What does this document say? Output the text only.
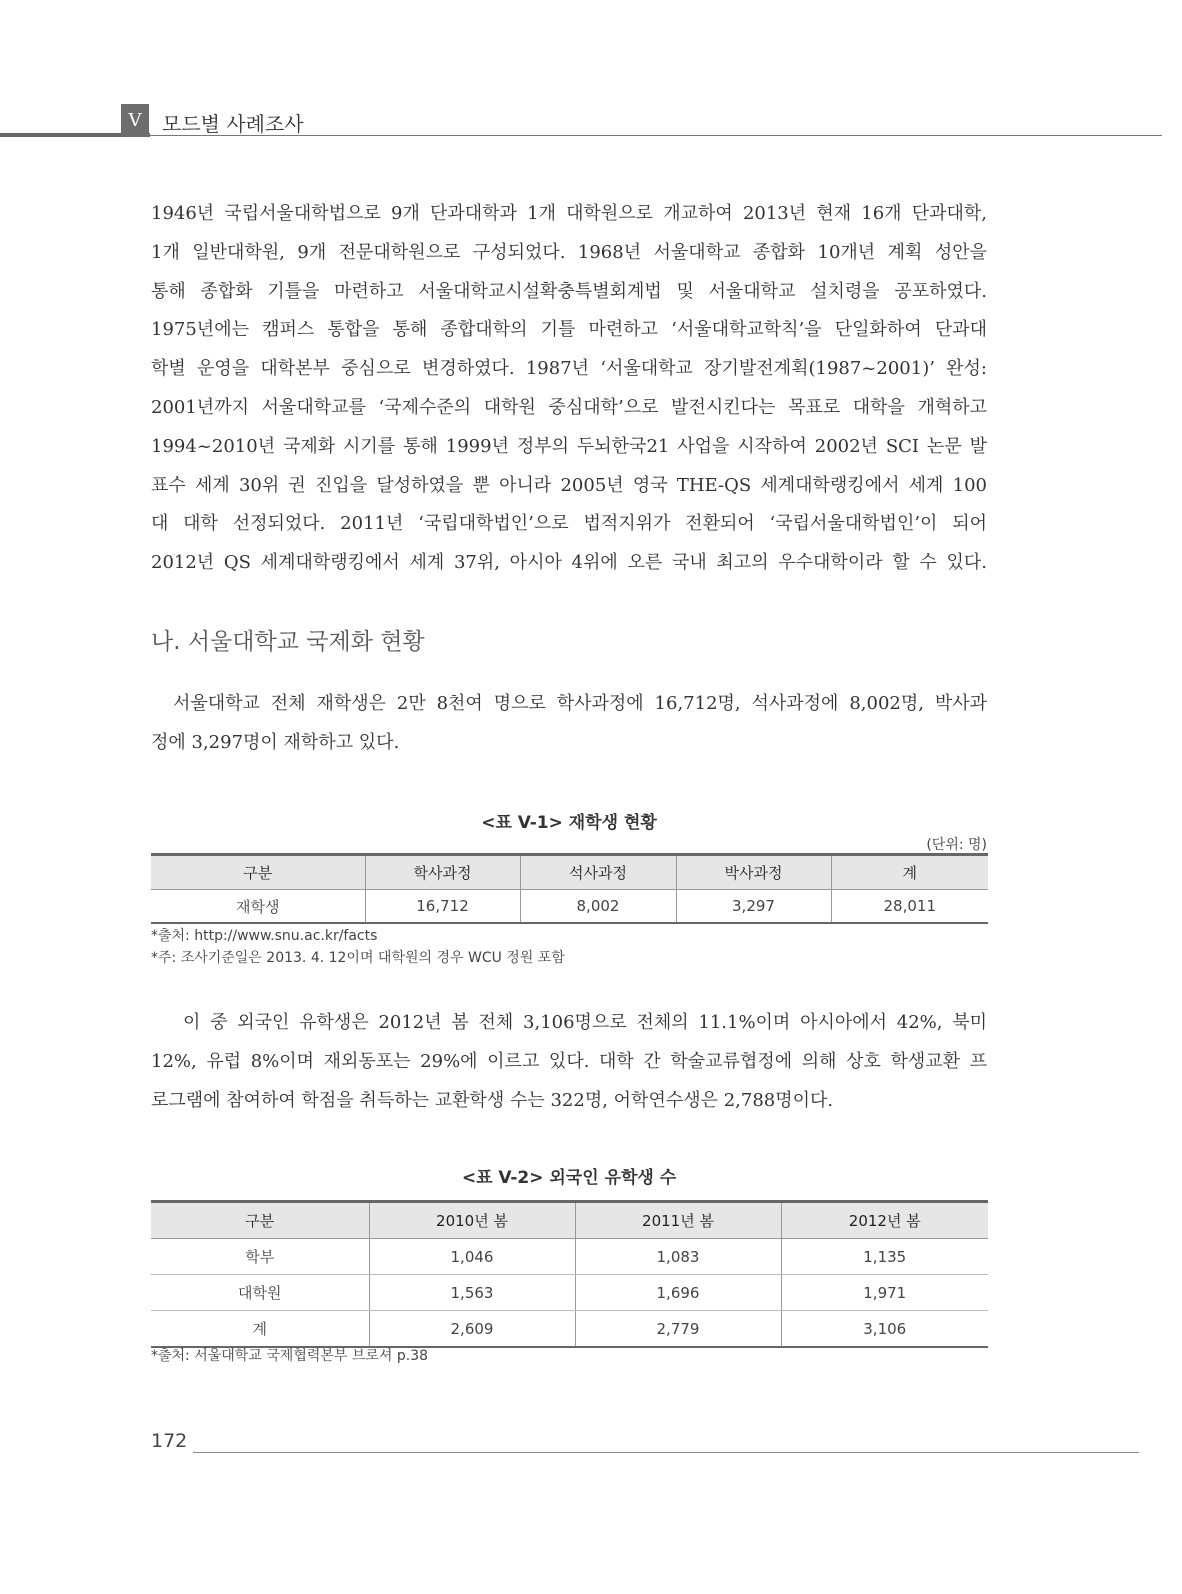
V	모드별 사례조사
1946년 국립서울대학법으로 9개 단과대학과 1개 대학원으로 개교하여 2013년 현재 16개 단과대학,
1개 일반대학원, 9개 전문대학원으로 구성되었다. 1968년 서울대학교 종합화 10개년 계획 성안을
통해 종합화 기틀을 마련하고 서울대학교시설확충특별회계법 및 서울대학교 설치령을 공포하였다.
1975년에는 캠퍼스 통합을 통해 종합대학의 기틀 마련하고 ‘서울대학교학칙’을 단일화하여 단과대
학별 운영을 대학본부 중심으로 변경하였다. 1987년 ‘서울대학교 장기발전계획(1987~2001)’ 완성:
2001년까지 서울대학교를 ‘국제수준의 대학원 중심대학’으로 발전시킨다는 목표로 대학을 개혁하고
1994~2010년 국제화 시기를 통해 1999년 정부의 두뇌한국21 사업을 시작하여 2002년 SCI 논문 발
표수 세계 30위 권 진입을 달성하였을 뿐 아니라 2005년 영국 THE-QS 세계대학랭킹에서 세계 100
대 대학 선정되었다. 2011년 ‘국립대학법인’으로 법적지위가 전환되어 ‘국립서울대학법인’이 되어
2012년 QS 세계대학랭킹에서 세계 37위, 아시아 4위에 오른 국내 최고의 우수대학이라 할 수 있다.
나. 서울대학교 국제화 현황
서울대학교 전체 재학생은 2만 8천여 명으로 학사과정에 16,712명, 석사과정에 8,002명, 박사과
정에 3,297명이 재학하고 있다.
<표 V-1> 재학생 현황
(단위: 명)
구분	학사과정	석사과정	박사과정	계
재학생	16,712	8,002	3,297	28,011
*출처: http://www.snu.ac.kr/facts
*주: 조사기준일은 2013. 4. 12이며 대학원의 경우 WCU 정원 포함
이 중 외국인 유학생은 2012년 봄 전체 3,106명으로 전체의 11.1%이며 아시아에서 42%, 북미
12%, 유럽 8%이며 재외동포는 29%에 이르고 있다. 대학 간 학술교류협정에 의해 상호 학생교환 프
로그램에 참여하여 학점을 취득하는 교환학생 수는 322명, 어학연수생은 2,788명이다.
<표 V-2> 외국인 유학생 수
구분	2010년 봄	2011년 봄	2012년 봄
학부	1,046	1,083	1,135
대학원	1,563	1,696	1,971
계	2,609	2,779	3,106
*출처: 서울대학교 국제협력본부 브로셔 p.38
172
